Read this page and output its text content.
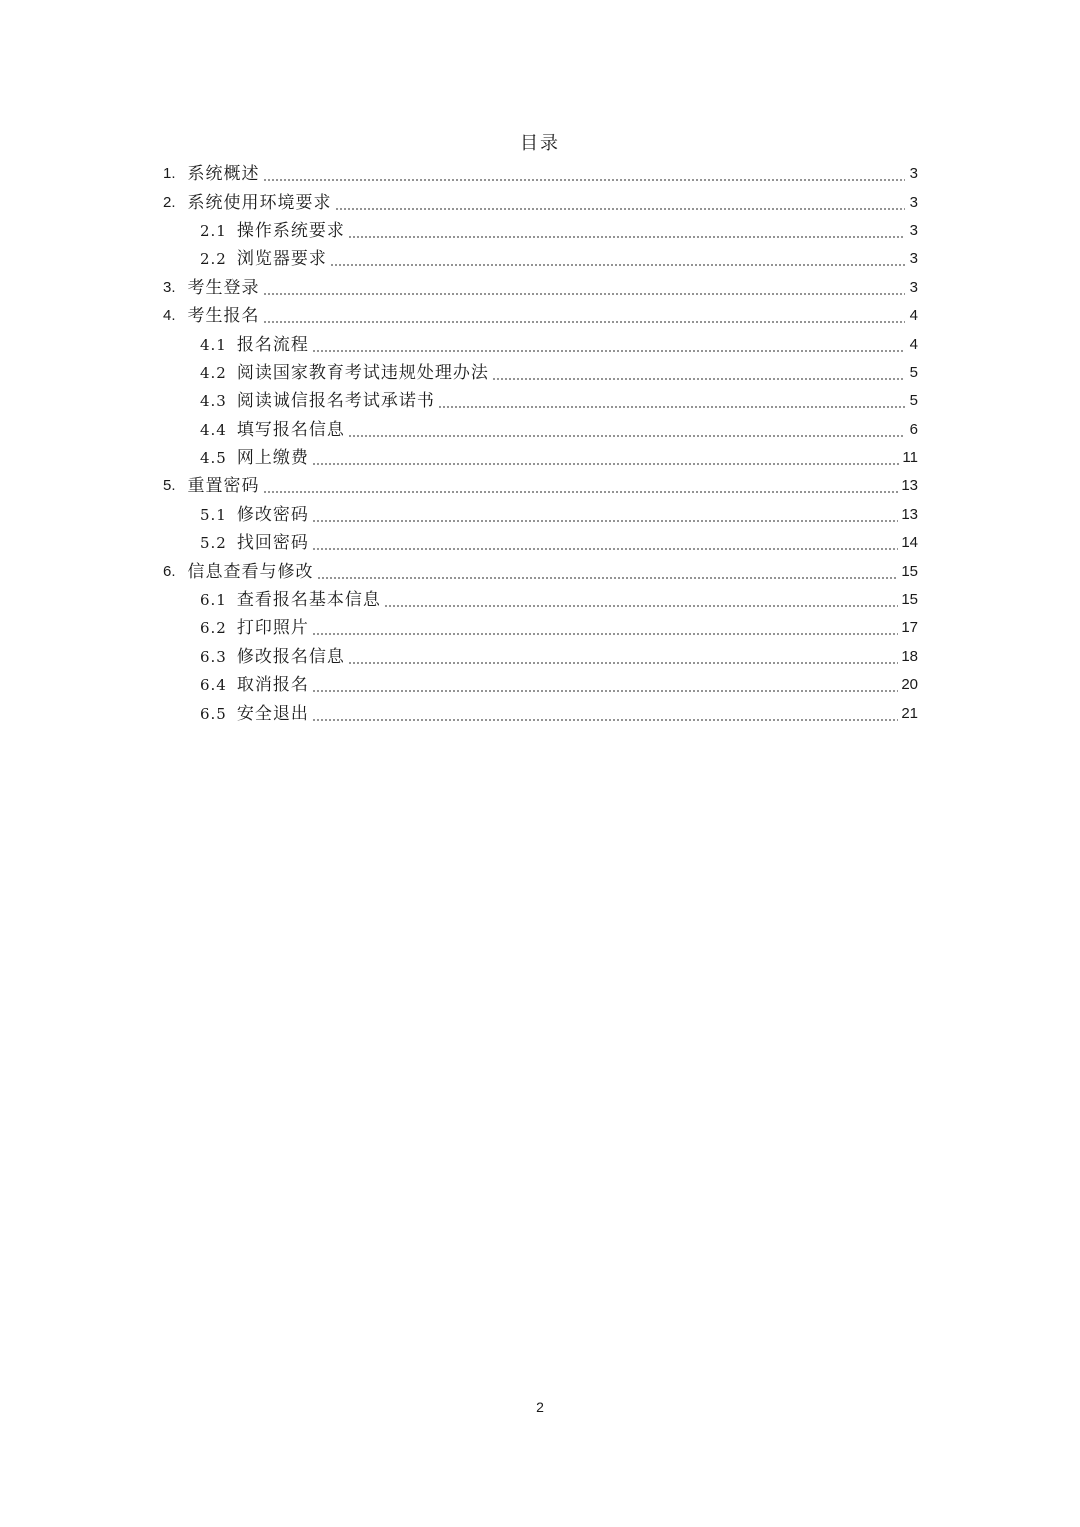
目录
1. 系统概述	3
2. 系统使用环境要求	3
2.1 操作系统要求	3
2.2 浏览器要求	3
3. 考生登录	3
4. 考生报名	4
4.1 报名流程	4
4.2 阅读国家教育考试违规处理办法	5
4.3 阅读诚信报名考试承诺书	5
4.4 填写报名信息	6
4.5 网上缴费	11
5. 重置密码	13
5.1 修改密码	13
5.2 找回密码	14
6. 信息查看与修改	15
6.1 查看报名基本信息	15
6.2 打印照片	17
6.3 修改报名信息	18
6.4 取消报名	20
6.5 安全退出	21
2
